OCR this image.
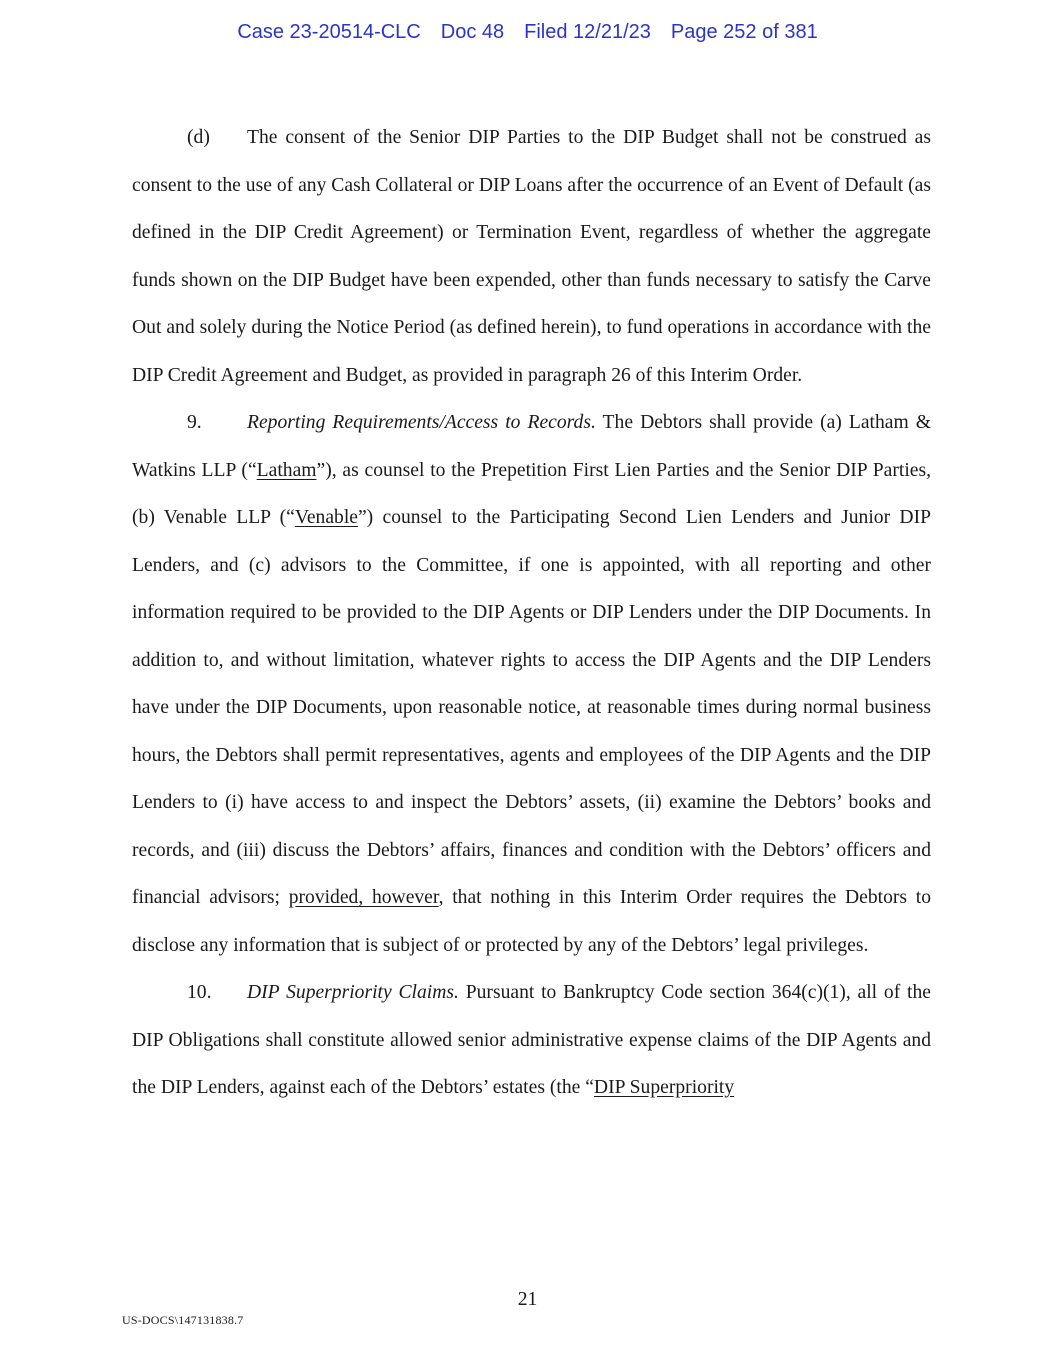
Case 23-20514-CLC Doc 48 Filed 12/21/23 Page 252 of 381

(d) The consent of the Senior DIP Parties to the DIP Budget shall not be construed as consent to the use of any Cash Collateral or DIP Loans after the occurrence of an Event of Default (as defined in the DIP Credit Agreement) or Termination Event, regardless of whether the aggregate funds shown on the DIP Budget have been expended, other than funds necessary to satisfy the Carve Out and solely during the Notice Period (as defined herein), to fund operations in accordance with the DIP Credit Agreement and Budget, as provided in paragraph 26 of this Interim Order.

9. Reporting Requirements/Access to Records. The Debtors shall provide (a) Latham & Watkins LLP (“Latham”), as counsel to the Prepetition First Lien Parties and the Senior DIP Parties, (b) Venable LLP (“Venable”) counsel to the Participating Second Lien Lenders and Junior DIP Lenders, and (c) advisors to the Committee, if one is appointed, with all reporting and other information required to be provided to the DIP Agents or DIP Lenders under the DIP Documents. In addition to, and without limitation, whatever rights to access the DIP Agents and the DIP Lenders have under the DIP Documents, upon reasonable notice, at reasonable times during normal business hours, the Debtors shall permit representatives, agents and employees of the DIP Agents and the DIP Lenders to (i) have access to and inspect the Debtors’ assets, (ii) examine the Debtors’ books and records, and (iii) discuss the Debtors’ affairs, finances and condition with the Debtors’ officers and financial advisors; provided, however, that nothing in this Interim Order requires the Debtors to disclose any information that is subject of or protected by any of the Debtors’ legal privileges.

10. DIP Superpriority Claims. Pursuant to Bankruptcy Code section 364(c)(1), all of the DIP Obligations shall constitute allowed senior administrative expense claims of the DIP Agents and the DIP Lenders, against each of the Debtors’ estates (the “DIP Superpriority

21
US-DOCS\147131838.7
